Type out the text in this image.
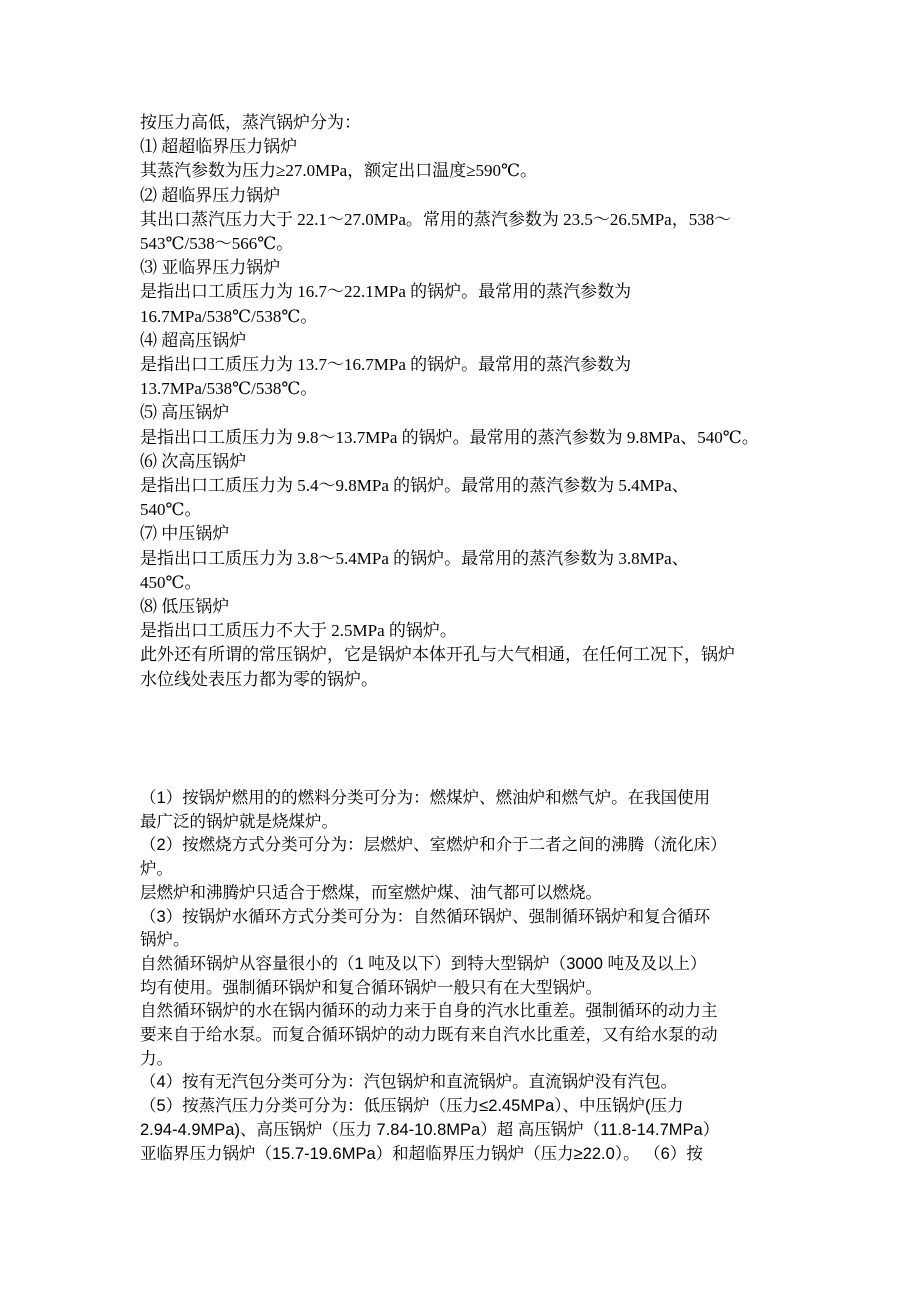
按压力高低，蒸汽锅炉分为：
⑴ 超超临界压力锅炉
其蒸汽参数为压力≥27.0MPa，额定出口温度≥590℃。
⑵ 超临界压力锅炉
其出口蒸汽压力大于 22.1～27.0MPa。常用的蒸汽参数为 23.5～26.5MPa，538～
543℃/538～566℃。
⑶ 亚临界压力锅炉
是指出口工质压力为 16.7～22.1MPa 的锅炉。最常用的蒸汽参数为
16.7MPa/538℃/538℃。
⑷ 超高压锅炉
是指出口工质压力为 13.7～16.7MPa 的锅炉。最常用的蒸汽参数为
13.7MPa/538℃/538℃。
⑸ 高压锅炉
是指出口工质压力为 9.8～13.7MPa 的锅炉。最常用的蒸汽参数为 9.8MPa、540℃。
⑹ 次高压锅炉
是指出口工质压力为 5.4～9.8MPa 的锅炉。最常用的蒸汽参数为 5.4MPa、
540℃。
⑺ 中压锅炉
是指出口工质压力为 3.8～5.4MPa 的锅炉。最常用的蒸汽参数为 3.8MPa、
450℃。
⑻ 低压锅炉
是指出口工质压力不大于 2.5MPa 的锅炉。
此外还有所谓的常压锅炉，它是锅炉本体开孔与大气相通，在任何工况下，锅炉
水位线处表压力都为零的锅炉。
（1）按锅炉燃用的的燃料分类可分为：燃煤炉、燃油炉和燃气炉。在我国使用
最广泛的锅炉就是烧煤炉。
（2）按燃烧方式分类可分为：层燃炉、室燃炉和介于二者之间的沸腾（流化床）
炉。
层燃炉和沸腾炉只适合于燃煤，而室燃炉煤、油气都可以燃烧。
（3）按锅炉水循环方式分类可分为：自然循环锅炉、强制循环锅炉和复合循环
锅炉。
自然循环锅炉从容量很小的（1 吨及以下）到特大型锅炉（3000 吨及及以上）
均有使用。强制循环锅炉和复合循环锅炉一般只有在大型锅炉。
自然循环锅炉的水在锅内循环的动力来于自身的汽水比重差。强制循环的动力主
要来自于给水泵。而复合循环锅炉的动力既有来自汽水比重差，又有给水泵的动
力。
（4）按有无汽包分类可分为：汽包锅炉和直流锅炉。直流锅炉没有汽包。
（5）按蒸汽压力分类可分为：低压锅炉（压力≤2.45MPa）、中压锅炉(压力
2.94-4.9MPa)、高压锅炉（压力 7.84-10.8MPa）超 高压锅炉（11.8-14.7MPa）
亚临界压力锅炉（15.7-19.6MPa）和超临界压力锅炉（压力≥22.0）。 （6）按
